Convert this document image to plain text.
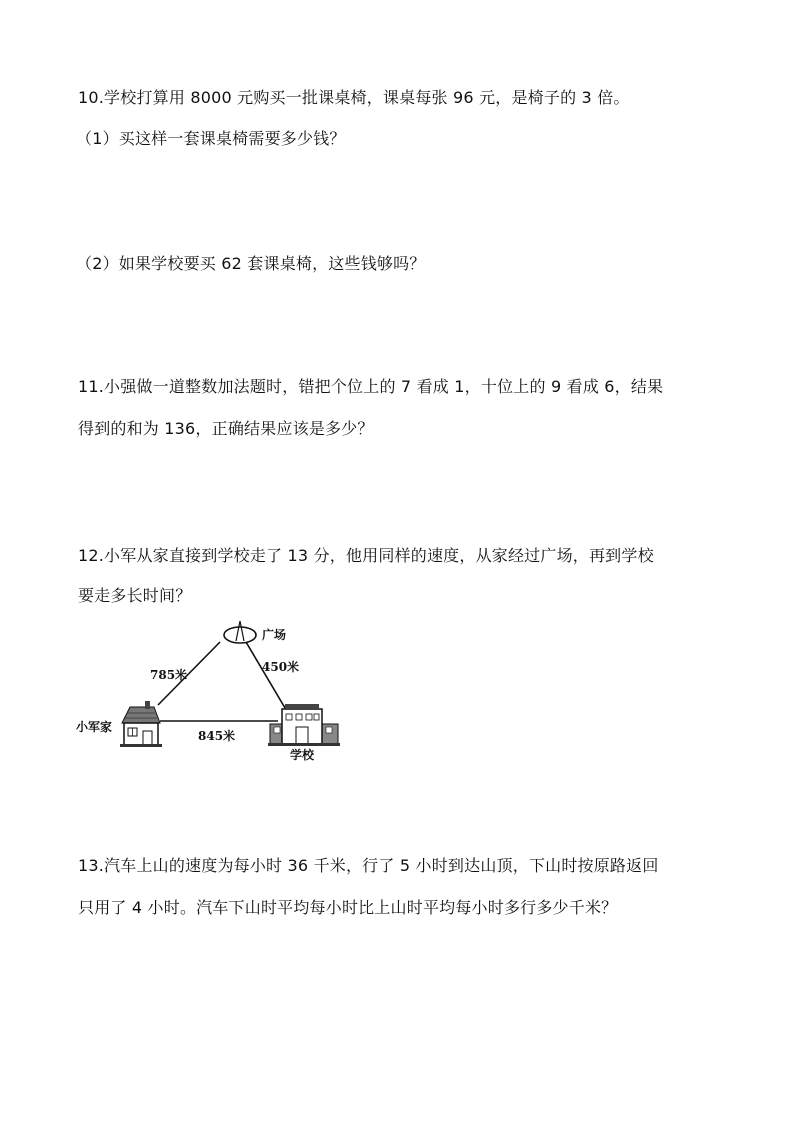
10.学校打算用 8000 元购买一批课桌椅，课桌每张 96 元，是椅子的 3 倍。
（1）买这样一套课桌椅需要多少钱？
（2）如果学校要买 62 套课桌椅，这些钱够吗？
11.小强做一道整数加法题时，错把个位上的 7 看成 1，十位上的 9 看成 6，结果
得到的和为 136，正确结果应该是多少？
12.小军从家直接到学校走了 13 分，他用同样的速度，从家经过广场，再到学校
要走多长时间？
广场
785米
450米
845米
小军家
学校
13.汽车上山的速度为每小时 36 千米，行了 5 小时到达山顶，下山时按原路返回
只用了 4 小时。汽车下山时平均每小时比上山时平均每小时多行多少千米？
